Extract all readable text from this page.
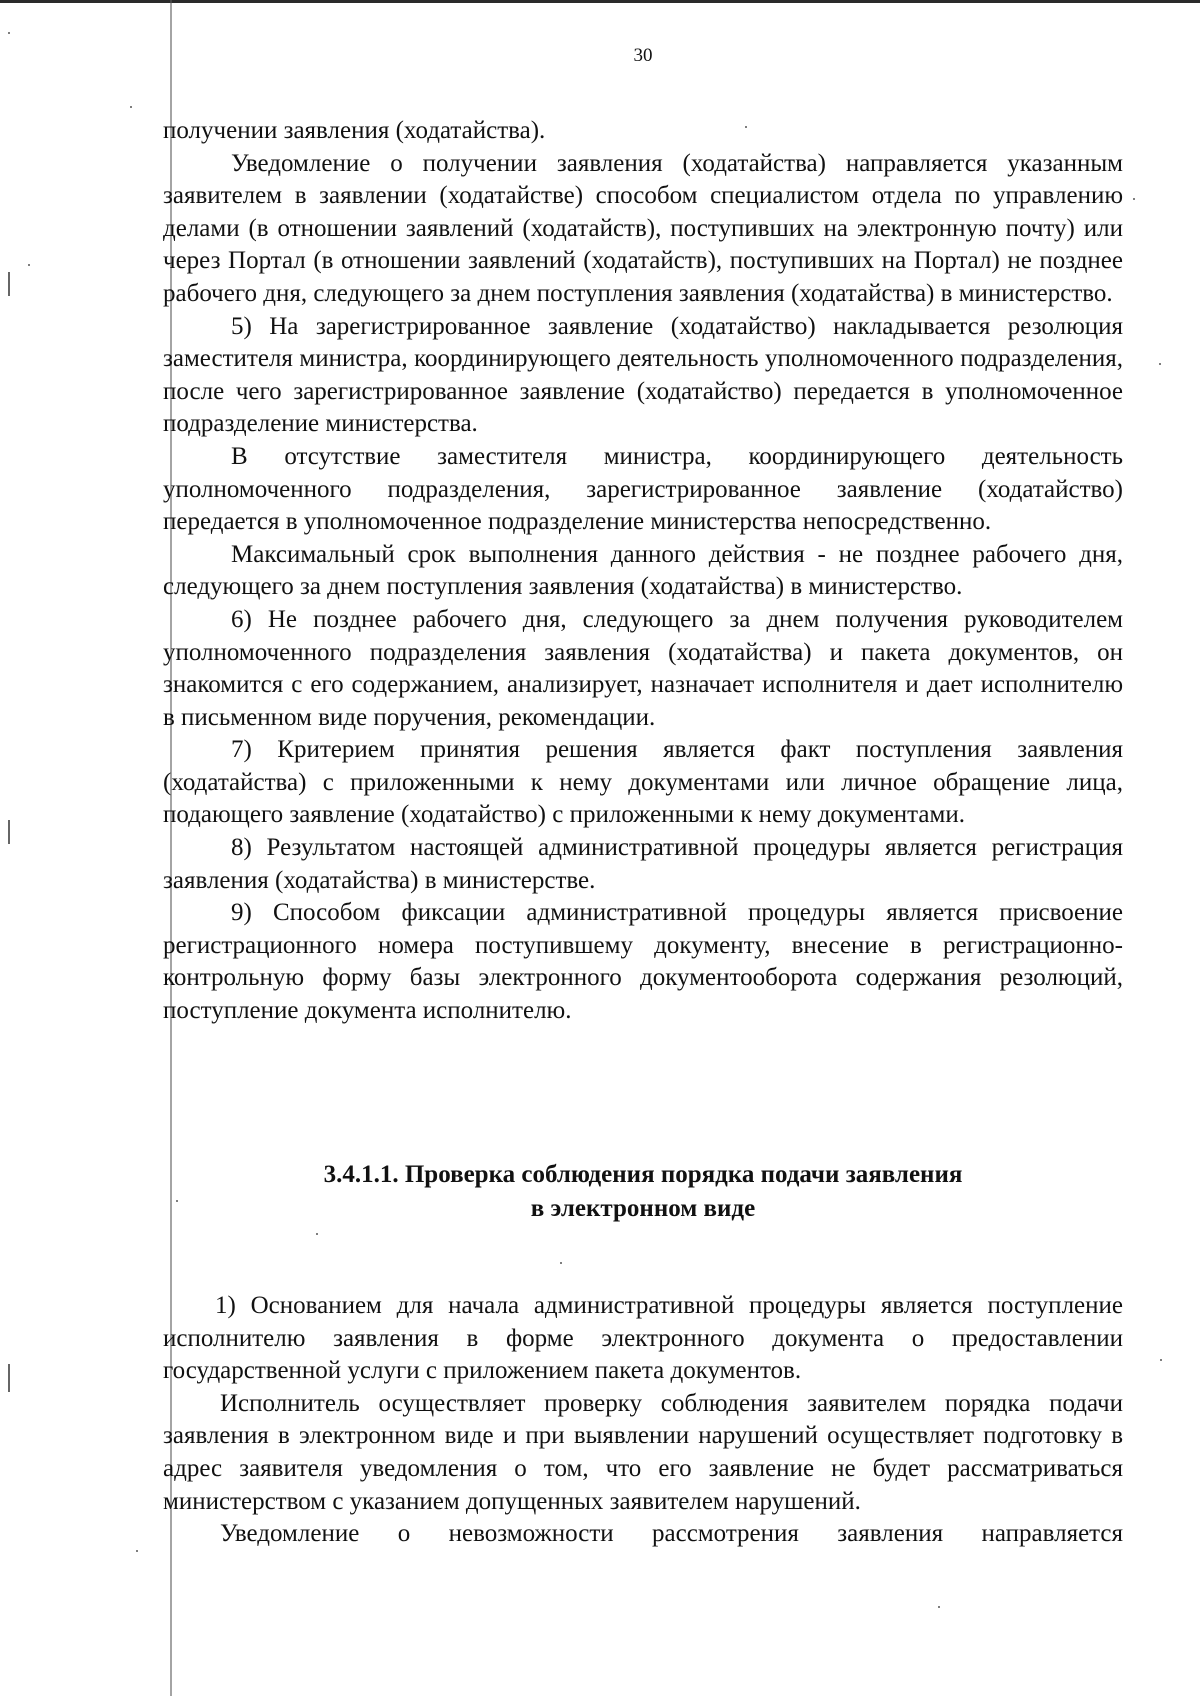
30

получении заявления (ходатайства).

Уведомление о получении заявления (ходатайства) направляется указанным заявителем в заявлении (ходатайстве) способом специалистом отдела по управлению делами (в отношении заявлений (ходатайств), поступивших на электронную почту) или через Портал (в отношении заявлений (ходатайств), поступивших на Портал) не позднее рабочего дня, следующего за днем поступления заявления (ходатайства) в министерство.

5) На зарегистрированное заявление (ходатайство) накладывается резолюция заместителя министра, координирующего деятельность уполномоченного подразделения, после чего зарегистрированное заявление (ходатайство) передается в уполномоченное подразделение министерства.

В отсутствие заместителя министра, координирующего деятельность уполномоченного подразделения, зарегистрированное заявление (ходатайство) передается в уполномоченное подразделение министерства непосредственно.

Максимальный срок выполнения данного действия - не позднее рабочего дня, следующего за днем поступления заявления (ходатайства) в министерство.

6) Не позднее рабочего дня, следующего за днем получения руководителем уполномоченного подразделения заявления (ходатайства) и пакета документов, он знакомится с его содержанием, анализирует, назначает исполнителя и дает исполнителю в письменном виде поручения, рекомендации.

7) Критерием принятия решения является факт поступления заявления (ходатайства) с приложенными к нему документами или личное обращение лица, подающего заявление (ходатайство) с приложенными к нему документами.

8) Результатом настоящей административной процедуры является регистрация заявления (ходатайства) в министерстве.

9) Способом фиксации административной процедуры является присвоение регистрационного номера поступившему документу, внесение в регистрационно-контрольную форму базы электронного документооборота содержания резолюций, поступление документа исполнителю.

3.4.1.1. Проверка соблюдения порядка подачи заявления
в электронном виде

1) Основанием для начала административной процедуры является поступление исполнителю заявления в форме электронного документа о предоставлении государственной услуги с приложением пакета документов.

Исполнитель осуществляет проверку соблюдения заявителем порядка подачи заявления в электронном виде и при выявлении нарушений осуществляет подготовку в адрес заявителя уведомления о том, что его заявление не будет рассматриваться министерством с указанием допущенных заявителем нарушений.

Уведомление о невозможности рассмотрения заявления направляется
